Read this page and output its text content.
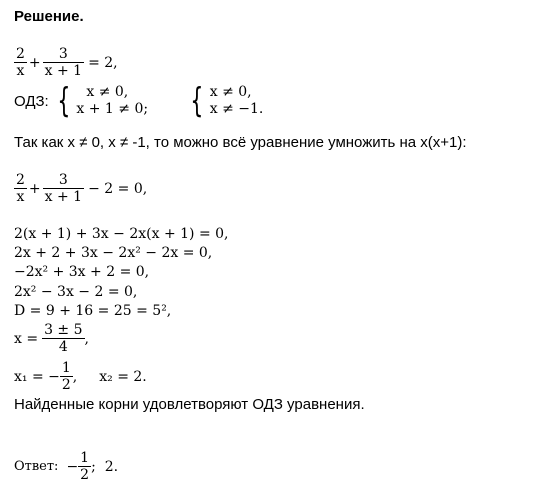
Решение.
$\frac{2}{x} + \frac{3}{x + 1} = 2$,
ОДЗ: {	x ≠ 0,
x + 1 ≠ 0; { x ≠ 0,
x ≠ −1.
Так как x ≠ 0, x ≠ -1, то можно всё уравнение умножить на x(x+1):
$\frac{2}{x} + \frac{3}{x + 1} - 2 = 0$,
2(x + 1) + 3x − 2x(x + 1) = 0,
2x + 2 + 3x − 2x² − 2x = 0,
−2x² + 3x + 2 = 0,
2x² − 3x − 2 = 0,
D = 9 + 16 = 25 = 5²,
$x = \frac{3 \pm 5}{4}$ ,
x₁ = − $\frac{1}{2}$ , x₂ = 2.
Найденные корни удовлетворяют ОДЗ уравнения.
Ответ: − $\frac{1}{2}$ ;  2.
